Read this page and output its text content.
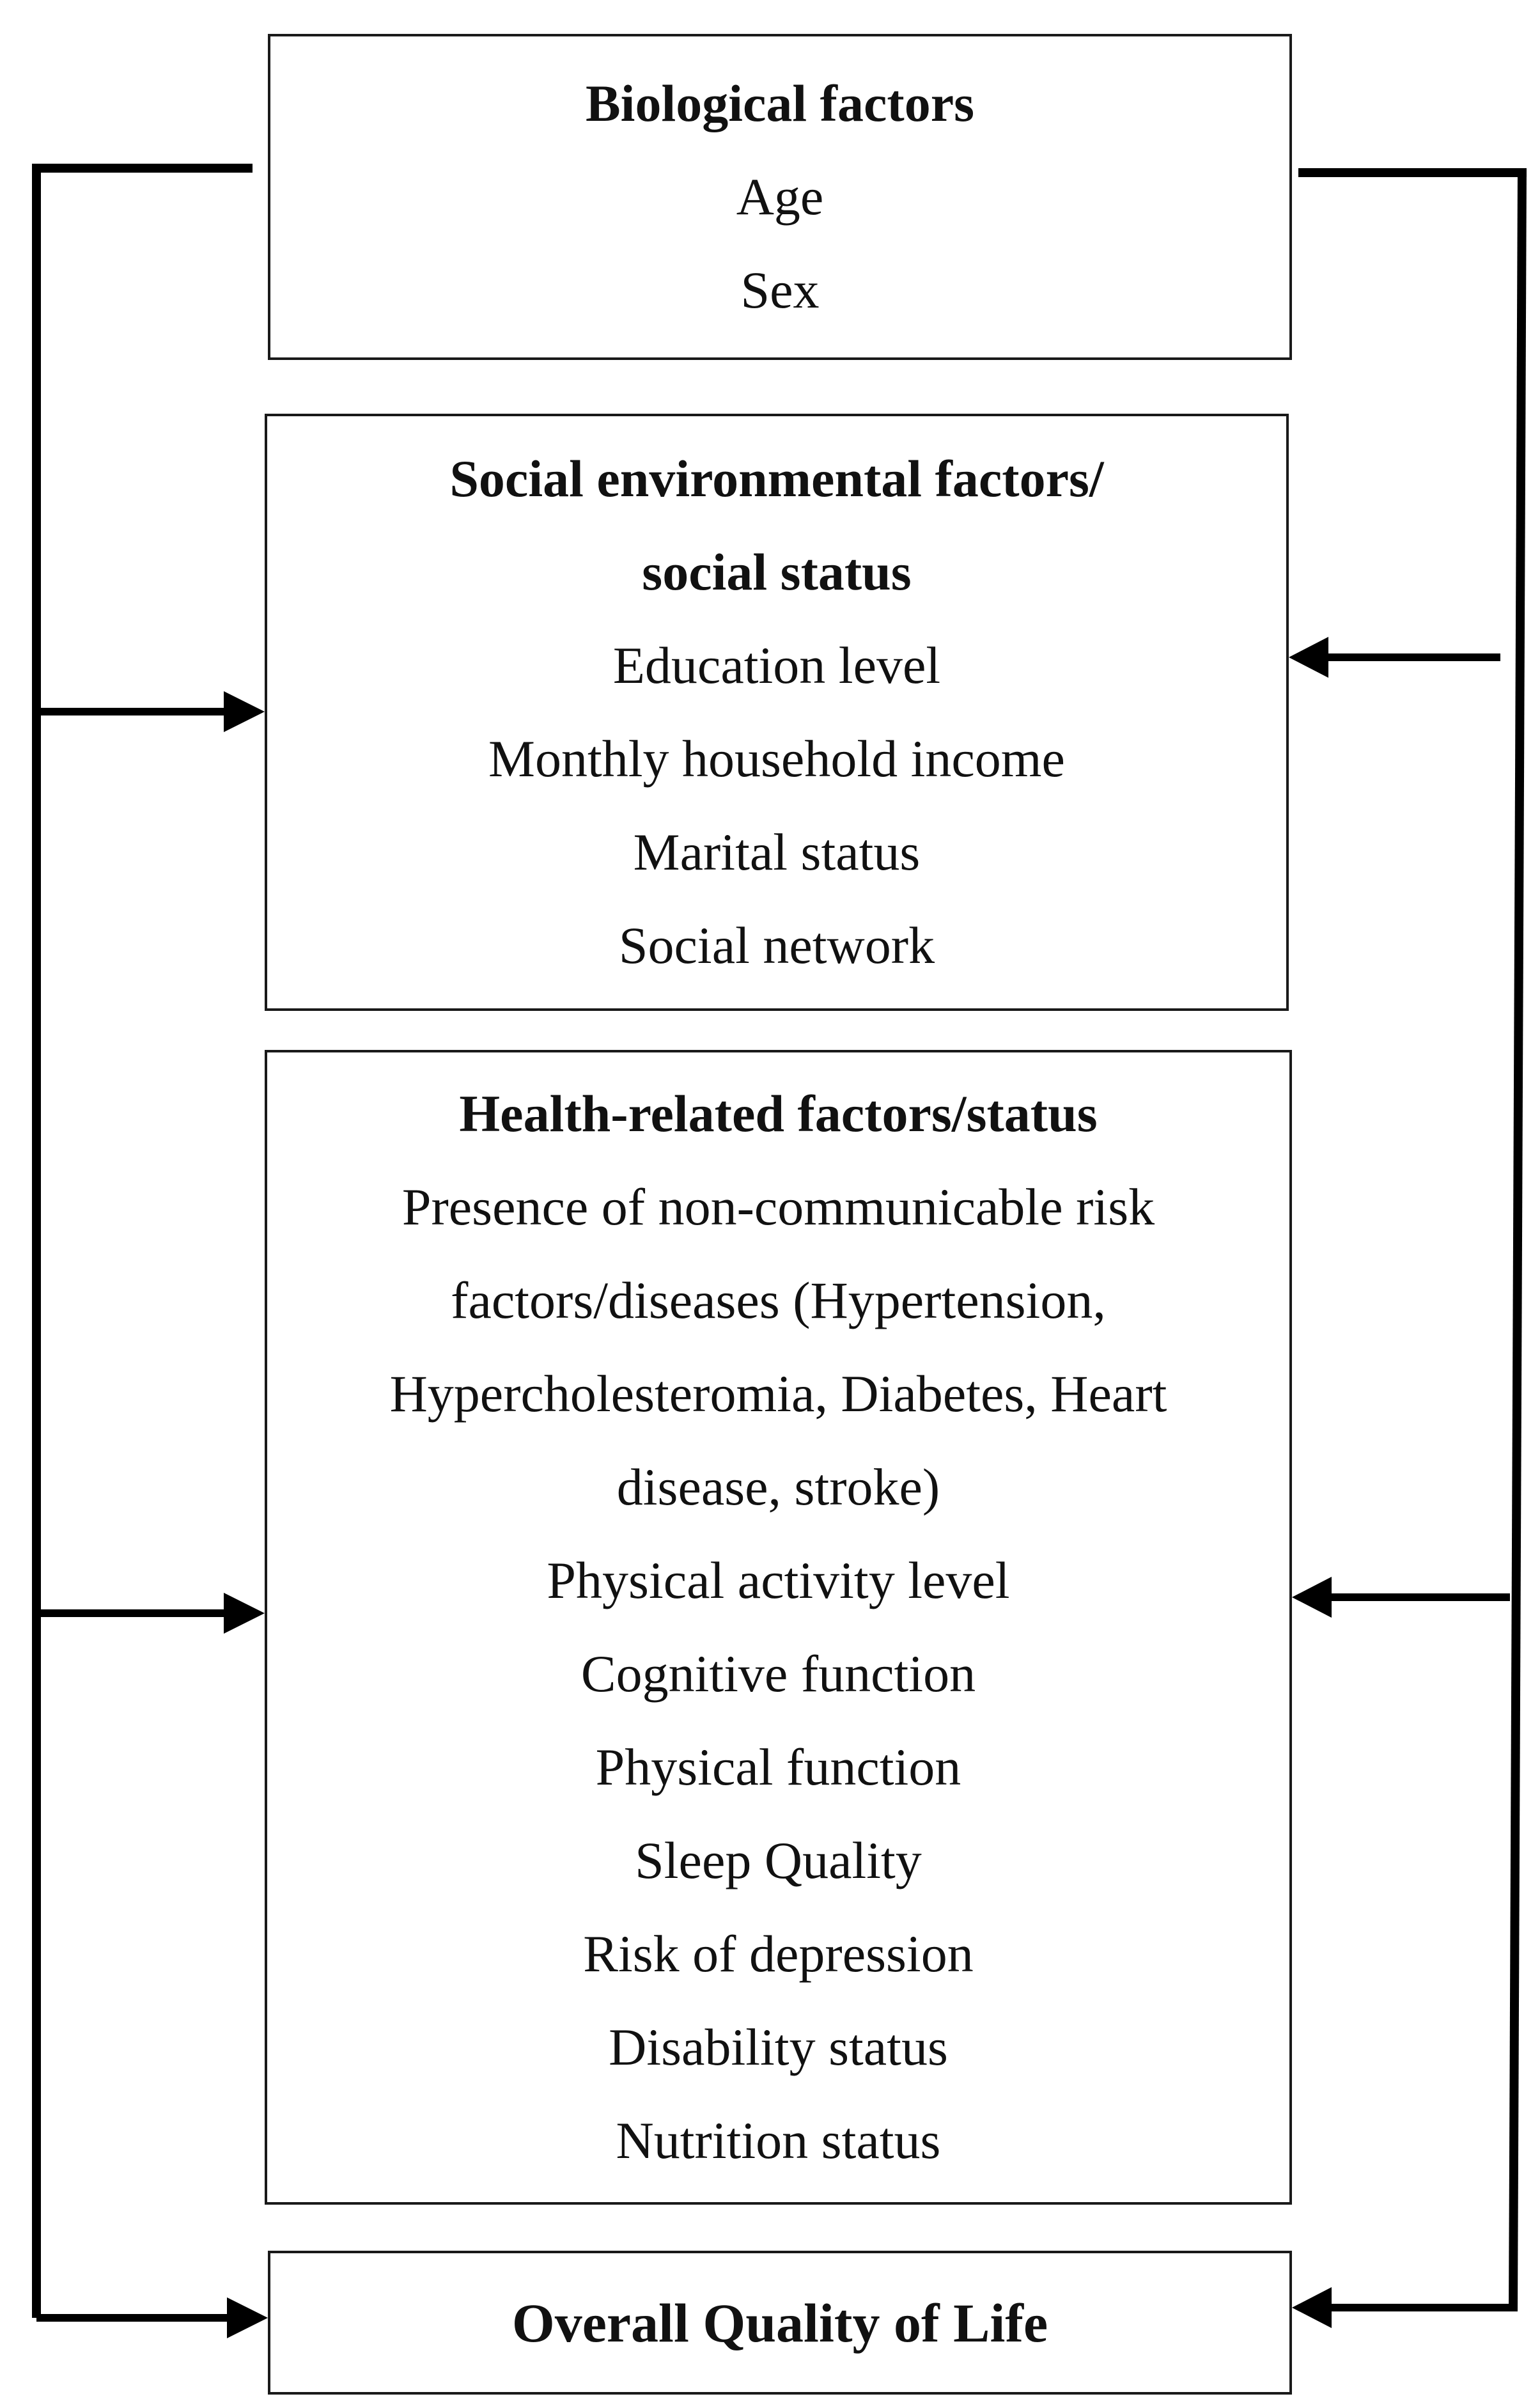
Biological factors
Age
Sex
Social environmental factors/
social status
Education level
Monthly household income
Marital status
Social network
Health-related factors/status
Presence of non-communicable risk
factors/diseases (Hypertension,
Hypercholesteromia, Diabetes, Heart
disease, stroke)
Physical activity level
Cognitive function
Physical function
Sleep Quality
Risk of depression
Disability status
Nutrition status
Overall Quality of Life
